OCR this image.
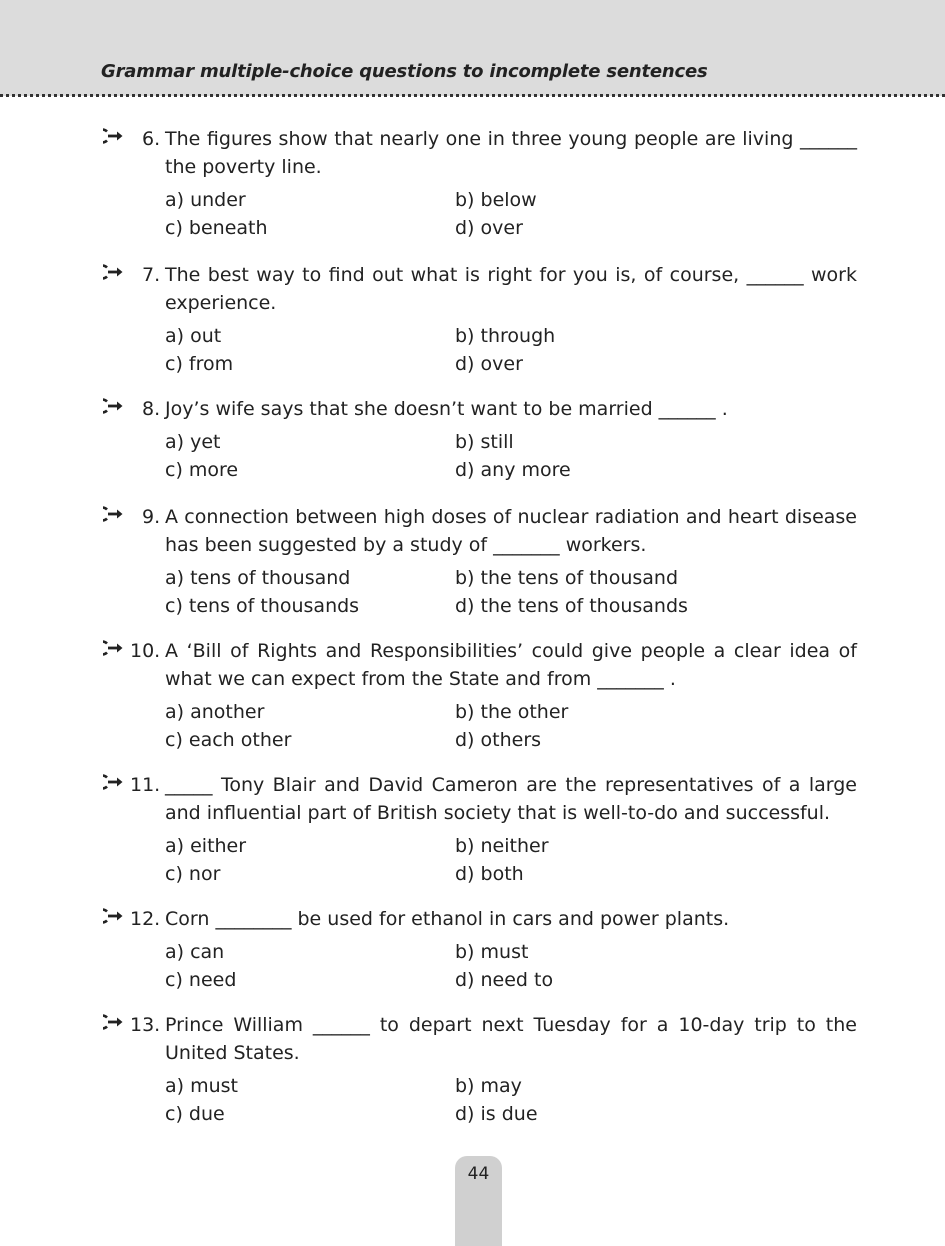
Grammar multiple-choice questions to incomplete sentences
6. The figures show that nearly one in three young people are living ______ the poverty line.
a) under	b) below
c) beneath	d) over
7. The best way to find out what is right for you is, of course, ______ work experience.
a) out	b) through
c) from	d) over
8. Joy’s wife says that she doesn’t want to be married ______ .
a) yet	b) still
c) more	d) any more
9. A connection between high doses of nuclear radiation and heart disease has been suggested by a study of _______ workers.
a) tens of thousand	b) the tens of thousand
c) tens of thousands	d) the tens of thousands
10. A ‘Bill of Rights and Responsibilities’ could give people a clear idea of what we can expect from the State and from _______ .
a) another	b) the other
c) each other	d) others
11. _____ Tony Blair and David Cameron are the representatives of a large and influential part of British society that is well-to-do and successful.
a) either	b) neither
c) nor	d) both
12. Corn ________ be used for ethanol in cars and power plants.
a) can	b) must
c) need	d) need to
13. Prince William ______ to depart next Tuesday for a 10-day trip to the United States.
a) must	b) may
c) due	d) is due
44
